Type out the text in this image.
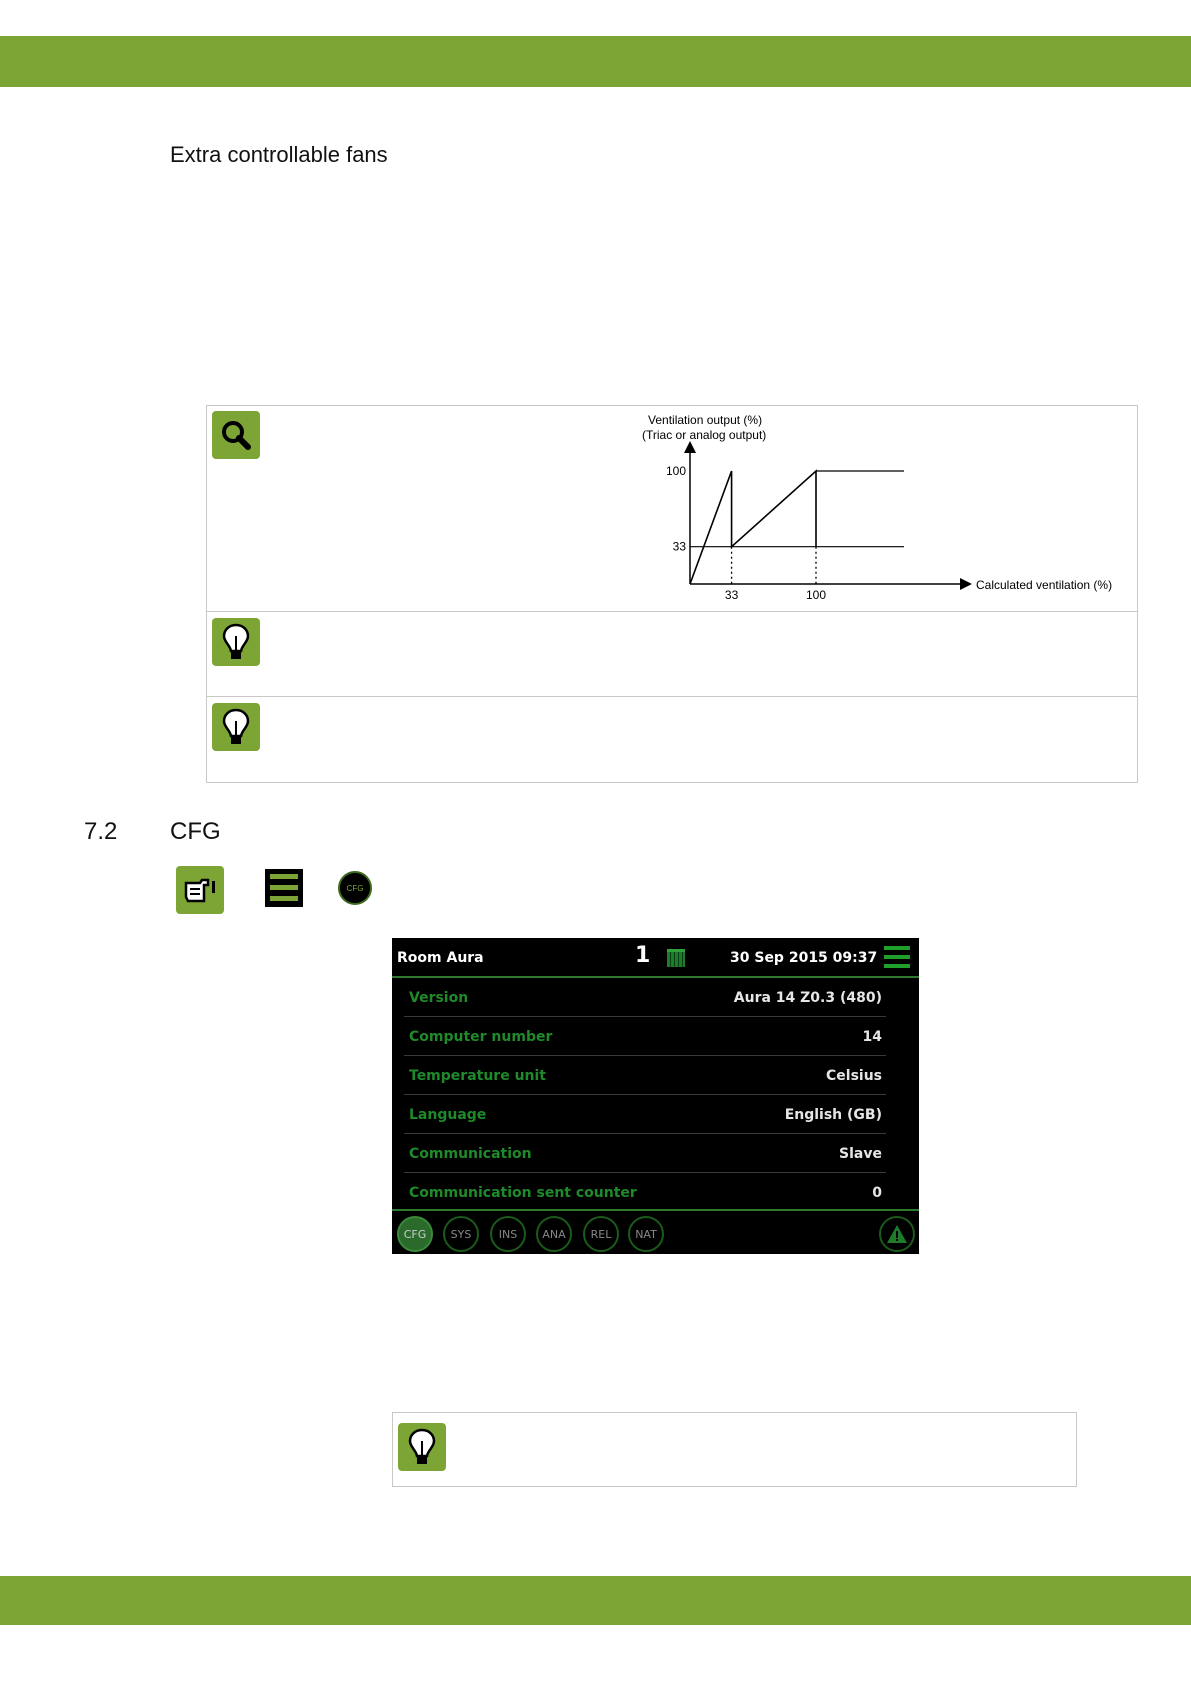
Extra controllable fans
Ventilation output (%)
(Triac or analog output)
Calculated ventilation (%)
33	100
100
33
7.2 CFG
CFG
Room Aura	1	30 Sep 2015 09:37
Version	Aura 14 Z0.3 (480)
Computer number	14
Temperature unit	Celsius
Language	English (GB)
Communication	Slave
Communication sent counter	0
CFG	SYS	INS	ANA	REL	NAT
